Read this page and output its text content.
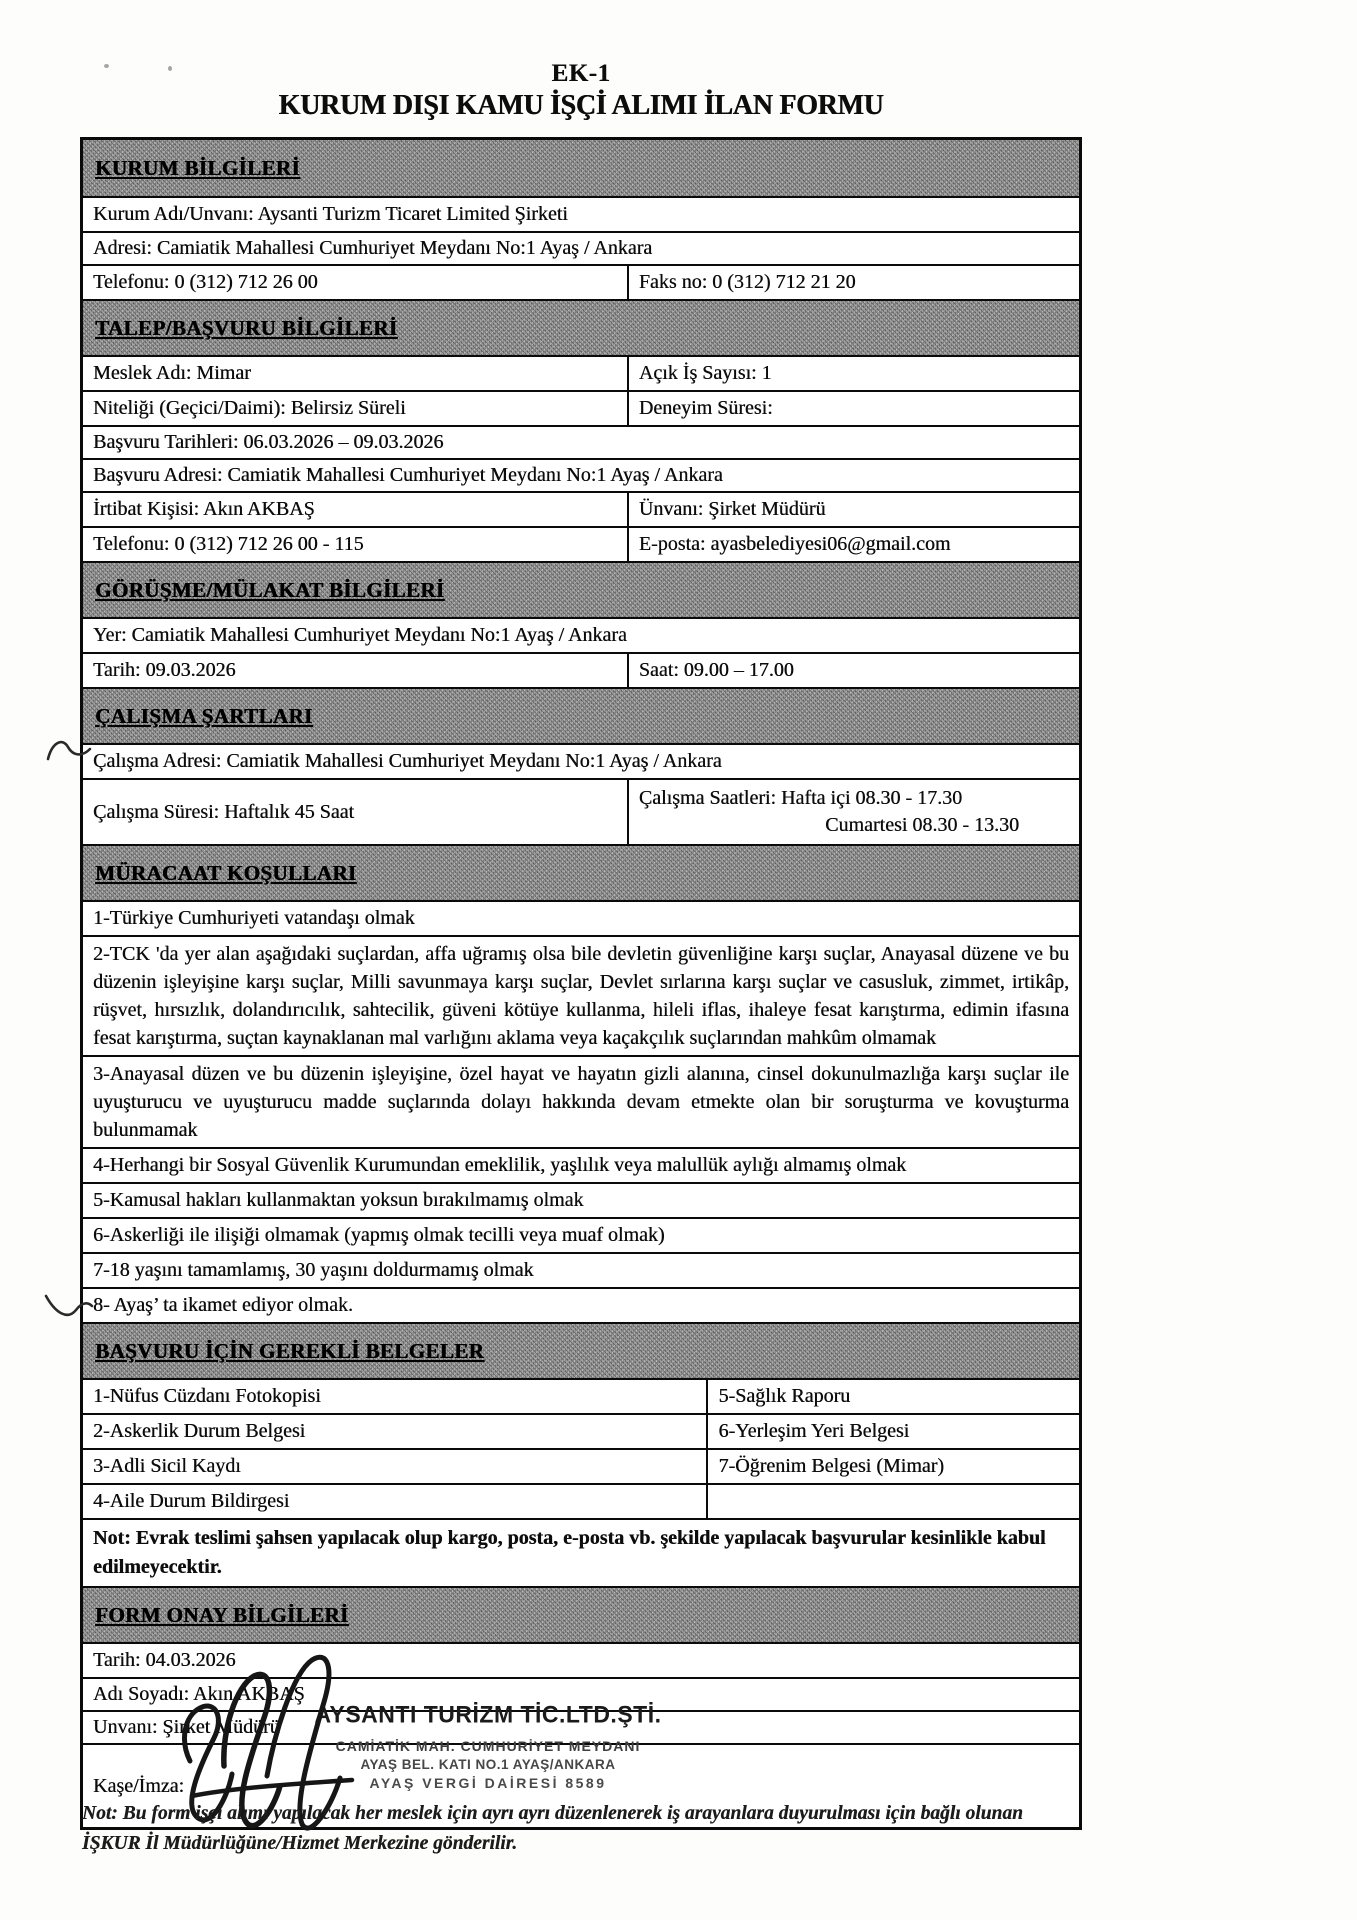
EK-1
KURUM DIŞI KAMU İŞÇİ ALIMI İLAN FORMU
KURUM BİLGİLERİ
Kurum Adı/Unvanı: Aysanti Turizm Ticaret Limited Şirketi
Adresi: Camiatik Mahallesi Cumhuriyet Meydanı No:1 Ayaş / Ankara
Telefonu: 0 (312) 712 26 00	Faks no: 0 (312) 712 21 20
TALEP/BAŞVURU BİLGİLERİ
Meslek Adı: Mimar	Açık İş Sayısı: 1
Niteliği (Geçici/Daimi): Belirsiz Süreli	Deneyim Süresi:
Başvuru Tarihleri: 06.03.2026 – 09.03.2026
Başvuru Adresi: Camiatik Mahallesi Cumhuriyet Meydanı No:1 Ayaş / Ankara
İrtibat Kişisi: Akın AKBAŞ	Ünvanı: Şirket Müdürü
Telefonu: 0 (312) 712 26 00 - 115	E-posta: ayasbelediyesi06@gmail.com
GÖRÜŞME/MÜLAKAT BİLGİLERİ
Yer: Camiatik Mahallesi Cumhuriyet Meydanı No:1 Ayaş / Ankara
Tarih: 09.03.2026	Saat: 09.00 – 17.00
ÇALIŞMA ŞARTLARI
Çalışma Adresi: Camiatik Mahallesi Cumhuriyet Meydanı No:1 Ayaş / Ankara
Çalışma Süresi: Haftalık 45 Saat
Çalışma Saatleri: Hafta içi 08.30 - 17.30
Cumartesi 08.30 - 13.30
MÜRACAAT KOŞULLARI
1-Türkiye Cumhuriyeti vatandaşı olmak
2-TCK 'da yer alan aşağıdaki suçlardan, affa uğramış olsa bile devletin güvenliğine karşı suçlar, Anayasal düzene ve bu düzenin işleyişine karşı suçlar, Milli savunmaya karşı suçlar, Devlet sırlarına karşı suçlar ve casusluk, zimmet, irtikâp, rüşvet, hırsızlık, dolandırıcılık, sahtecilik, güveni kötüye kullanma, hileli iflas, ihaleye fesat karıştırma, edimin ifasına fesat karıştırma, suçtan kaynaklanan mal varlığını aklama veya kaçakçılık suçlarından mahkûm olmamak
3-Anayasal düzen ve bu düzenin işleyişine, özel hayat ve hayatın gizli alanına, cinsel dokunulmazlığa karşı suçlar ile uyuşturucu ve uyuşturucu madde suçlarında dolayı hakkında devam etmekte olan bir soruşturma ve kovuşturma bulunmamak
4-Herhangi bir Sosyal Güvenlik Kurumundan emeklilik, yaşlılık veya malullük aylığı almamış olmak
5-Kamusal hakları kullanmaktan yoksun bırakılmamış olmak
6-Askerliği ile ilişiği olmamak (yapmış olmak tecilli veya muaf olmak)
7-18 yaşını tamamlamış, 30 yaşını doldurmamış olmak
8- Ayaş’ ta ikamet ediyor olmak.
BAŞVURU İÇİN GEREKLİ BELGELER
1-Nüfus Cüzdanı Fotokopisi	5-Sağlık Raporu
2-Askerlik Durum Belgesi	6-Yerleşim Yeri Belgesi
3-Adli Sicil Kaydı	7-Öğrenim Belgesi (Mimar)
4-Aile Durum Bildirgesi
Not: Evrak teslimi şahsen yapılacak olup kargo, posta, e-posta vb. şekilde yapılacak başvurular kesinlikle kabul edilmeyecektir.
FORM ONAY BİLGİLERİ
Tarih: 04.03.2026
Adı Soyadı: Akın AKBAŞ
Unvanı: Şirket Müdürü
Kaşe/İmza:
AYSANTI TURİZM TİC.LTD.ŞTİ.
CAMİATİK MAH. CUMHURİYET MEYDANI
AYAŞ BEL. KATI NO.1 AYAŞ/ANKARA
AYAŞ VERGİ DAİRESİ 8589
Not: Bu form işçi alımı yapılacak her meslek için ayrı ayrı düzenlenerek iş arayanlara duyurulması için bağlı olunan İŞKUR İl Müdürlüğüne/Hizmet Merkezine gönderilir.
